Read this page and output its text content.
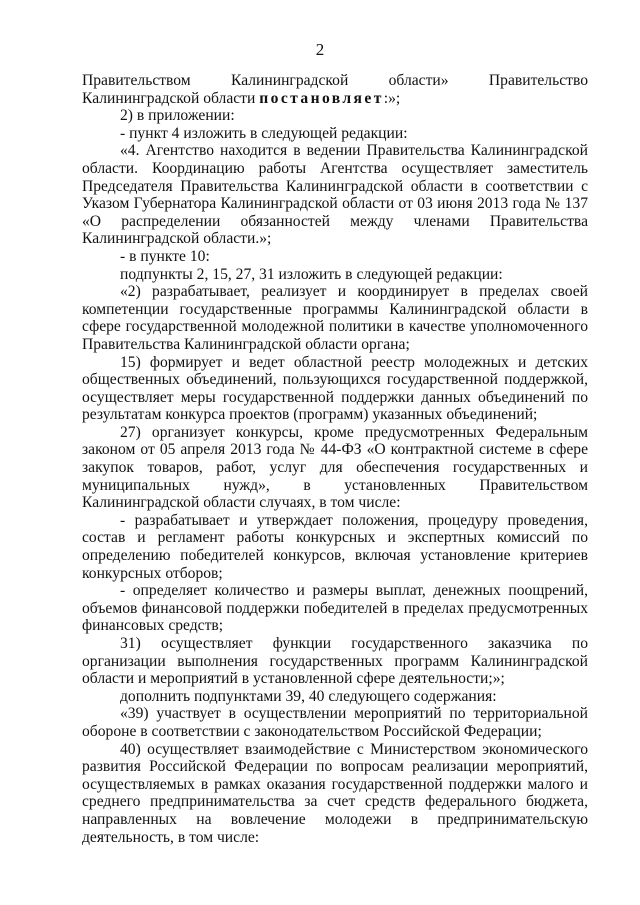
2

Правительством Калининградской области» Правительство Калининградской области постановляет:»;

2) в приложении:

- пункт 4 изложить в следующей редакции:

«4. Агентство находится в ведении Правительства Калининградской области. Координацию работы Агентства осуществляет заместитель Председателя Правительства Калининградской области в соответствии с Указом Губернатора Калининградской области от 03 июня 2013 года № 137 «О распределении обязанностей между членами Правительства Калининградской области.»;

- в пункте 10:

подпункты 2, 15, 27, 31 изложить в следующей редакции:

«2) разрабатывает, реализует и координирует в пределах своей компетенции государственные программы Калининградской области в сфере государственной молодежной политики в качестве уполномоченного Правительства Калининградской области органа;

15) формирует и ведет областной реестр молодежных и детских общественных объединений, пользующихся государственной поддержкой, осуществляет меры государственной поддержки данных объединений по результатам конкурса проектов (программ) указанных объединений;

27) организует конкурсы, кроме предусмотренных Федеральным законом от 05 апреля 2013 года № 44-ФЗ «О контрактной системе в сфере закупок товаров, работ, услуг для обеспечения государственных и муниципальных нужд», в установленных Правительством Калининградской области случаях, в том числе:

- разрабатывает и утверждает положения, процедуру проведения, состав и регламент работы конкурсных и экспертных комиссий по определению победителей конкурсов, включая установление критериев конкурсных отборов;

- определяет количество и размеры выплат, денежных поощрений, объемов финансовой поддержки победителей в пределах предусмотренных финансовых средств;

31) осуществляет функции государственного заказчика по организации выполнения государственных программ Калининградской области и мероприятий в установленной сфере деятельности;»;

дополнить подпунктами 39, 40 следующего содержания:

«39) участвует в осуществлении мероприятий по территориальной обороне в соответствии с законодательством Российской Федерации;

40) осуществляет взаимодействие с Министерством экономического развития Российской Федерации по вопросам реализации мероприятий, осуществляемых в рамках оказания государственной поддержки малого и среднего предпринимательства за счет средств федерального бюджета, направленных на вовлечение молодежи в предпринимательскую деятельность, в том числе:
